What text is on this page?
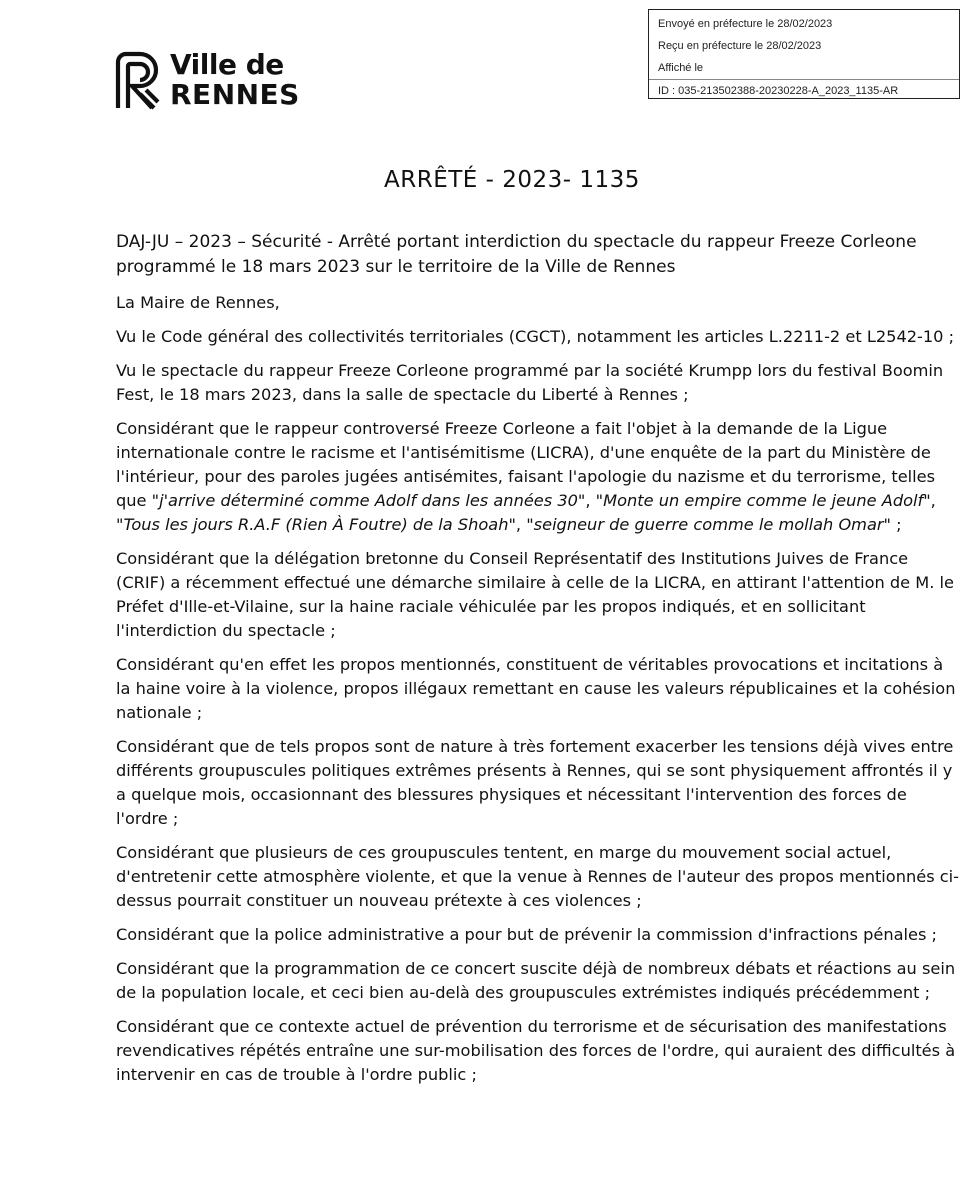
Envoyé en préfecture le 28/02/2023
Reçu en préfecture le 28/02/2023
Affiché le
ID : 035-213502388-20230228-A_2023_1135-AR
Ville de
RENNES
ARRÊTÉ - 2023- 1135
DAJ-JU – 2023 – Sécurité - Arrêté portant interdiction du spectacle du rappeur Freeze Corleone programmé le 18 mars 2023 sur le territoire de la Ville de Rennes

La Maire de Rennes,

Vu le Code général des collectivités territoriales (CGCT), notamment les articles L.2211-2 et L2542-10 ;

Vu le spectacle du rappeur Freeze Corleone programmé par la société Krumpp lors du festival Boomin Fest, le 18 mars 2023, dans la salle de spectacle du Liberté à Rennes ;

Considérant que le rappeur controversé Freeze Corleone a fait l'objet à la demande de la Ligue internationale contre le racisme et l'antisémitisme (LICRA), d'une enquête de la part du Ministère de l'intérieur, pour des paroles jugées antisémites, faisant l'apologie du nazisme et du terrorisme, telles que "j'arrive déterminé comme Adolf dans les années 30", "Monte un empire comme le jeune Adolf", "Tous les jours R.A.F (Rien À Foutre) de la Shoah", "seigneur de guerre comme le mollah Omar" ;

Considérant que la délégation bretonne du Conseil Représentatif des Institutions Juives de France (CRIF) a récemment effectué une démarche similaire à celle de la LICRA, en attirant l'attention de M. le Préfet d'Ille-et-Vilaine, sur la haine raciale véhiculée par les propos indiqués, et en sollicitant l'interdiction du spectacle ;

Considérant qu'en effet les propos mentionnés, constituent de véritables provocations et incitations à la haine voire à la violence, propos illégaux remettant en cause les valeurs républicaines et la cohésion nationale ;

Considérant que de tels propos sont de nature à très fortement exacerber les tensions déjà vives entre différents groupuscules politiques extrêmes présents à Rennes, qui se sont physiquement affrontés il y a quelque mois, occasionnant des blessures physiques et nécessitant l'intervention des forces de l'ordre ;

Considérant que plusieurs de ces groupuscules tentent, en marge du mouvement social actuel, d'entretenir cette atmosphère violente, et que la venue à Rennes de l'auteur des propos mentionnés ci-dessus pourrait constituer un nouveau prétexte à ces violences ;

Considérant que la police administrative a pour but de prévenir la commission d'infractions pénales ;

Considérant que la programmation de ce concert suscite déjà de nombreux débats et réactions au sein de la population locale, et ceci bien au-delà des groupuscules extrémistes indiqués précédemment ;

Considérant que ce contexte actuel de prévention du terrorisme et de sécurisation des manifestations revendicatives répétés entraîne une sur-mobilisation des forces de l'ordre, qui auraient des difficultés à intervenir en cas de trouble à l'ordre public ;
